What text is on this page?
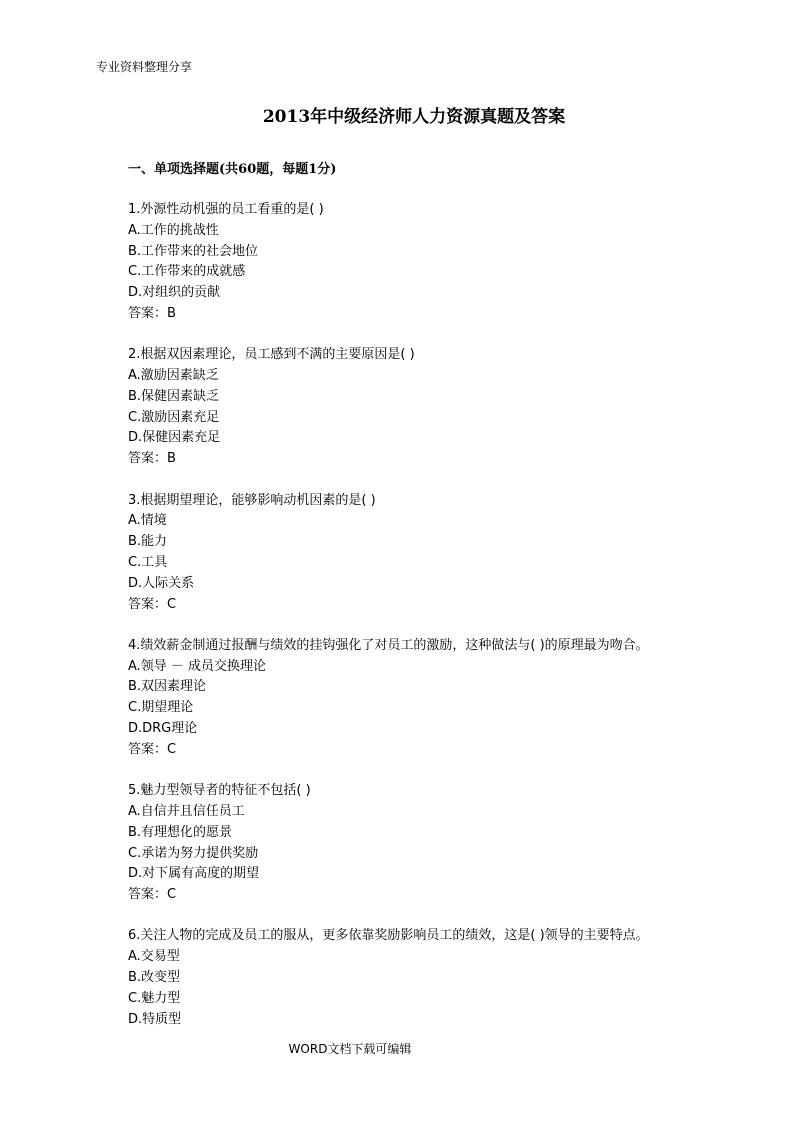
专业资料整理分享
2013年中级经济师人力资源真题及答案
一、单项选择题(共60题，每题1分)
1.外源性动机强的员工看重的是( )
A.工作的挑战性
B.工作带来的社会地位
C.工作带来的成就感
D.对组织的贡献
答案：B
2.根据双因素理论，员工感到不满的主要原因是( )
A.激励因素缺乏
B.保健因素缺乏
C.激励因素充足
D.保健因素充足
答案：B
3.根据期望理论，能够影响动机因素的是( )
A.情境
B.能力
C.工具
D.人际关系
答案：C
4.绩效薪金制通过报酬与绩效的挂钩强化了对员工的激励，这种做法与( )的原理最为吻合。
A.领导 － 成员交换理论
B.双因素理论
C.期望理论
D.DRG理论
答案：C
5.魅力型领导者的特征不包括( )
A.自信并且信任员工
B.有理想化的愿景
C.承诺为努力提供奖励
D.对下属有高度的期望
答案：C
6.关注人物的完成及员工的服从，更多依靠奖励影响员工的绩效，这是( )领导的主要特点。
A.交易型
B.改变型
C.魅力型
D.特质型
WORD文档下载可编辑
